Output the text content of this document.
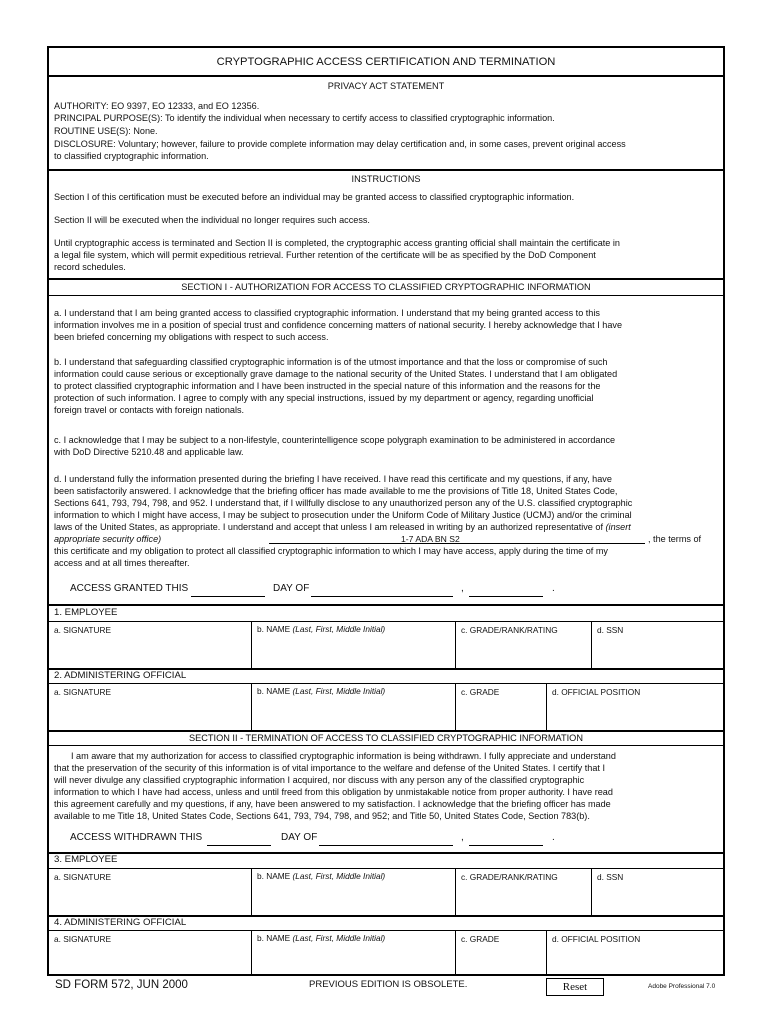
CRYPTOGRAPHIC ACCESS CERTIFICATION AND TERMINATION
PRIVACY ACT STATEMENT
AUTHORITY: EO 9397, EO 12333, and EO 12356.
PRINCIPAL PURPOSE(S): To identify the individual when necessary to certify access to classified cryptographic information.
ROUTINE USE(S): None.
DISCLOSURE: Voluntary; however, failure to provide complete information may delay certification and, in some cases, prevent original access
to classified cryptographic information.
INSTRUCTIONS
Section I of this certification must be executed before an individual may be granted access to classified cryptographic information.
Section II will be executed when the individual no longer requires such access.
Until cryptographic access is terminated and Section II is completed, the cryptographic access granting official shall maintain the certificate in
a legal file system, which will permit expeditious retrieval. Further retention of the certificate will be as specified by the DoD Component
record schedules.
SECTION I - AUTHORIZATION FOR ACCESS TO CLASSIFIED CRYPTOGRAPHIC INFORMATION
a. I understand that I am being granted access to classified cryptographic information. I understand that my being granted access to this
information involves me in a position of special trust and confidence concerning matters of national security. I hereby acknowledge that I have
been briefed concerning my obligations with respect to such access.
b. I understand that safeguarding classified cryptographic information is of the utmost importance and that the loss or compromise of such
information could cause serious or exceptionally grave damage to the national security of the United States. I understand that I am obligated
to protect classified cryptographic information and I have been instructed in the special nature of this information and the reasons for the
protection of such information. I agree to comply with any special instructions, issued by my department or agency, regarding unofficial
foreign travel or contacts with foreign nationals.
c. I acknowledge that I may be subject to a non-lifestyle, counterintelligence scope polygraph examination to be administered in accordance
with DoD Directive 5210.48 and applicable law.
d. I understand fully the information presented during the briefing I have received. I have read this certificate and my questions, if any, have
been satisfactorily answered. I acknowledge that the briefing officer has made available to me the provisions of Title 18, United States Code,
Sections 641, 793, 794, 798, and 952. I understand that, if I willfully disclose to any unauthorized person any of the U.S. classified cryptographic
information to which I might have access, I may be subject to prosecution under the Uniform Code of Military Justice (UCMJ) and/or the criminal
laws of the United States, as appropriate. I understand and accept that unless I am released in writing by an authorized representative of (insert
appropriate security office)	1-7 ADA BN S2	, the terms of
this certificate and my obligation to protect all classified cryptographic information to which I may have access, apply during the time of my
access and at all times thereafter.
ACCESS GRANTED THIS	DAY OF	,	.
1. EMPLOYEE
a. SIGNATURE	b. NAME (Last, First, Middle Initial)	c. GRADE/RANK/RATING	d. SSN
2. ADMINISTERING OFFICIAL
a. SIGNATURE	b. NAME (Last, First, Middle Initial)	c. GRADE	d. OFFICIAL POSITION
SECTION II - TERMINATION OF ACCESS TO CLASSIFIED CRYPTOGRAPHIC INFORMATION
I am aware that my authorization for access to classified cryptographic information is being withdrawn. I fully appreciate and understand
that the preservation of the security of this information is of vital importance to the welfare and defense of the United States. I certify that I
will never divulge any classified cryptographic information I acquired, nor discuss with any person any of the classified cryptographic
information to which I have had access, unless and until freed from this obligation by unmistakable notice from proper authority. I have read
this agreement carefully and my questions, if any, have been answered to my satisfaction. I acknowledge that the briefing officer has made
available to me Title 18, United States Code, Sections 641, 793, 794, 798, and 952; and Title 50, United States Code, Section 783(b).
ACCESS WITHDRAWN THIS	DAY OF	,	.
3. EMPLOYEE
a. SIGNATURE	b. NAME (Last, First, Middle Initial)	c. GRADE/RANK/RATING	d. SSN
4. ADMINISTERING OFFICIAL
a. SIGNATURE	b. NAME (Last, First, Middle Initial)	c. GRADE	d. OFFICIAL POSITION
SD FORM 572, JUN 2000	PREVIOUS EDITION IS OBSOLETE.	Reset	Adobe Professional 7.0
